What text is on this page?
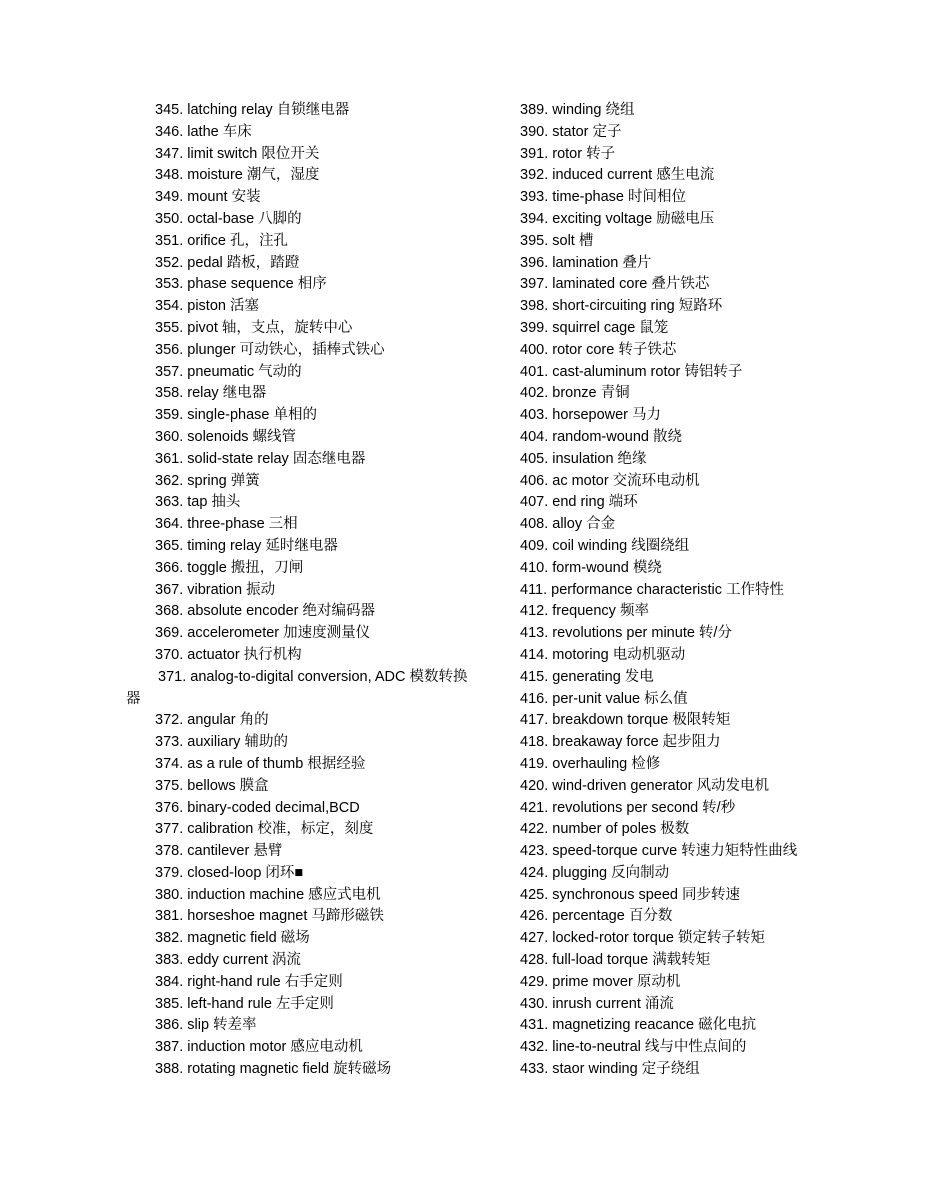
345. latching relay 自锁继电器
346. lathe 车床
347. limit switch 限位开关
348. moisture 潮气，湿度
349. mount 安装
350. octal-base 八脚的
351. orifice 孔，注孔
352. pedal 踏板，踏蹬
353. phase sequence 相序
354. piston 活塞
355. pivot 轴，支点，旋转中心
356. plunger 可动铁心，插棒式铁心
357. pneumatic 气动的
358. relay 继电器
359. single-phase 单相的
360. solenoids 螺线管
361. solid-state relay 固态继电器
362. spring 弹簧
363. tap 抽头
364. three-phase 三相
365. timing relay 延时继电器
366. toggle 搬扭，刀闸
367. vibration 振动
368. absolute encoder 绝对编码器
369. accelerometer 加速度测量仪
370. actuator 执行机构
371. analog-to-digital conversion, ADC 模数转换器
372. angular 角的
373. auxiliary 辅助的
374. as a rule of thumb 根据经验
375. bellows 膜盒
376. binary-coded decimal,BCD
377. calibration 校准，标定，刻度
378. cantilever 悬臂
379. closed-loop 闭环■
380. induction machine 感应式电机
381. horseshoe magnet 马蹄形磁铁
382. magnetic field 磁场
383. eddy current 涡流
384. right-hand rule 右手定则
385. left-hand rule 左手定则
386. slip 转差率
387. induction motor 感应电动机
388. rotating magnetic field 旋转磁场
389. winding 绕组
390. stator 定子
391. rotor 转子
392. induced current 感生电流
393. time-phase 时间相位
394. exciting voltage 励磁电压
395. solt 槽
396. lamination 叠片
397. laminated core 叠片铁芯
398. short-circuiting ring 短路环
399. squirrel cage 鼠笼
400. rotor core 转子铁芯
401. cast-aluminum rotor 铸铝转子
402. bronze 青铜
403. horsepower 马力
404. random-wound 散绕
405. insulation 绝缘
406. ac motor 交流环电动机
407. end ring 端环
408. alloy 合金
409. coil winding 线圈绕组
410. form-wound 模绕
411. performance characteristic 工作特性
412. frequency 频率
413. revolutions per minute 转/分
414. motoring 电动机驱动
415. generating 发电
416. per-unit value 标么值
417. breakdown torque 极限转矩
418. breakaway force 起步阻力
419. overhauling 检修
420. wind-driven generator 风动发电机
421. revolutions per second 转/秒
422. number of poles 极数
423. speed-torque curve 转速力矩特性曲线
424. plugging 反向制动
425. synchronous speed 同步转速
426. percentage 百分数
427. locked-rotor torque 锁定转子转矩
428. full-load torque 满载转矩
429. prime mover 原动机
430. inrush current 涌流
431. magnetizing reacance 磁化电抗
432. line-to-neutral 线与中性点间的
433. staor winding 定子绕组
